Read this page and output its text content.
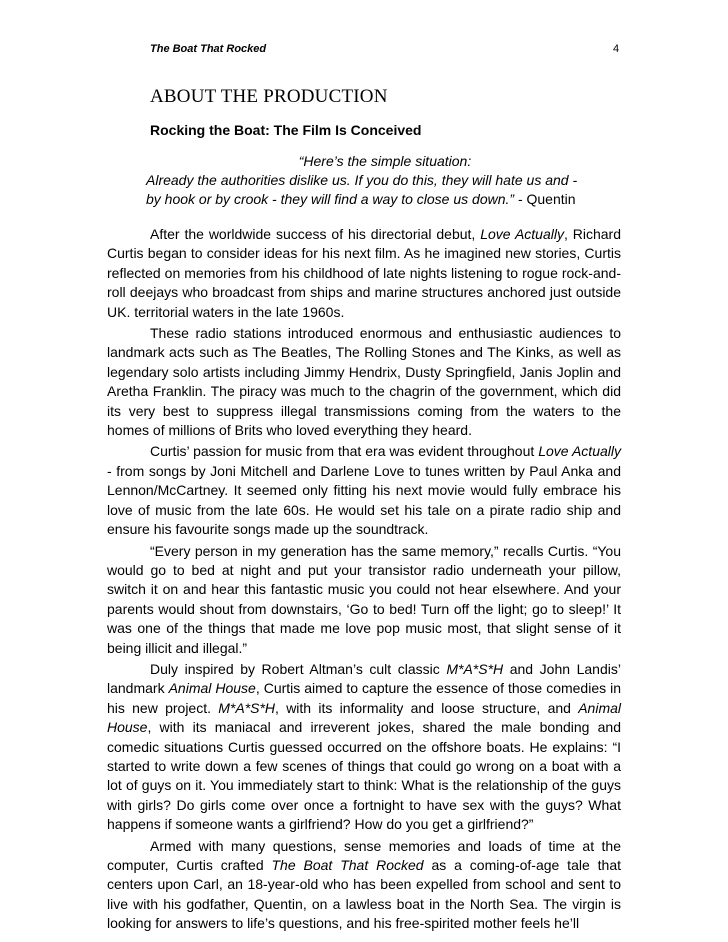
The Boat That Rocked	4
ABOUT THE PRODUCTION
Rocking the Boat: The Film Is Conceived
“Here’s the simple situation:
Already the authorities dislike us. If you do this, they will hate us and -
by hook or by crook - they will find a way to close us down.” - Quentin

After the worldwide success of his directorial debut, Love Actually, Richard Curtis began to consider ideas for his next film. As he imagined new stories, Curtis reflected on memories from his childhood of late nights listening to rogue rock-and-roll deejays who broadcast from ships and marine structures anchored just outside UK. territorial waters in the late 1960s.

These radio stations introduced enormous and enthusiastic audiences to landmark acts such as The Beatles, The Rolling Stones and The Kinks, as well as legendary solo artists including Jimmy Hendrix, Dusty Springfield, Janis Joplin and Aretha Franklin. The piracy was much to the chagrin of the government, which did its very best to suppress illegal transmissions coming from the waters to the homes of millions of Brits who loved everything they heard.

Curtis’ passion for music from that era was evident throughout Love Actually - from songs by Joni Mitchell and Darlene Love to tunes written by Paul Anka and Lennon/McCartney. It seemed only fitting his next movie would fully embrace his love of music from the late 60s. He would set his tale on a pirate radio ship and ensure his favourite songs made up the soundtrack.

“Every person in my generation has the same memory,” recalls Curtis. “You would go to bed at night and put your transistor radio underneath your pillow, switch it on and hear this fantastic music you could not hear elsewhere. And your parents would shout from downstairs, ‘Go to bed! Turn off the light; go to sleep!’ It was one of the things that made me love pop music most, that slight sense of it being illicit and illegal.”

Duly inspired by Robert Altman’s cult classic M*A*S*H and John Landis’ landmark Animal House, Curtis aimed to capture the essence of those comedies in his new project. M*A*S*H, with its informality and loose structure, and Animal House, with its maniacal and irreverent jokes, shared the male bonding and comedic situations Curtis guessed occurred on the offshore boats. He explains: “I started to write down a few scenes of things that could go wrong on a boat with a lot of guys on it. You immediately start to think: What is the relationship of the guys with girls? Do girls come over once a fortnight to have sex with the guys? What happens if someone wants a girlfriend? How do you get a girlfriend?”

Armed with many questions, sense memories and loads of time at the computer, Curtis crafted The Boat That Rocked as a coming-of-age tale that centers upon Carl, an 18-year-old who has been expelled from school and sent to live with his godfather, Quentin, on a lawless boat in the North Sea. The virgin is looking for answers to life’s questions, and his free-spirited mother feels he’ll
